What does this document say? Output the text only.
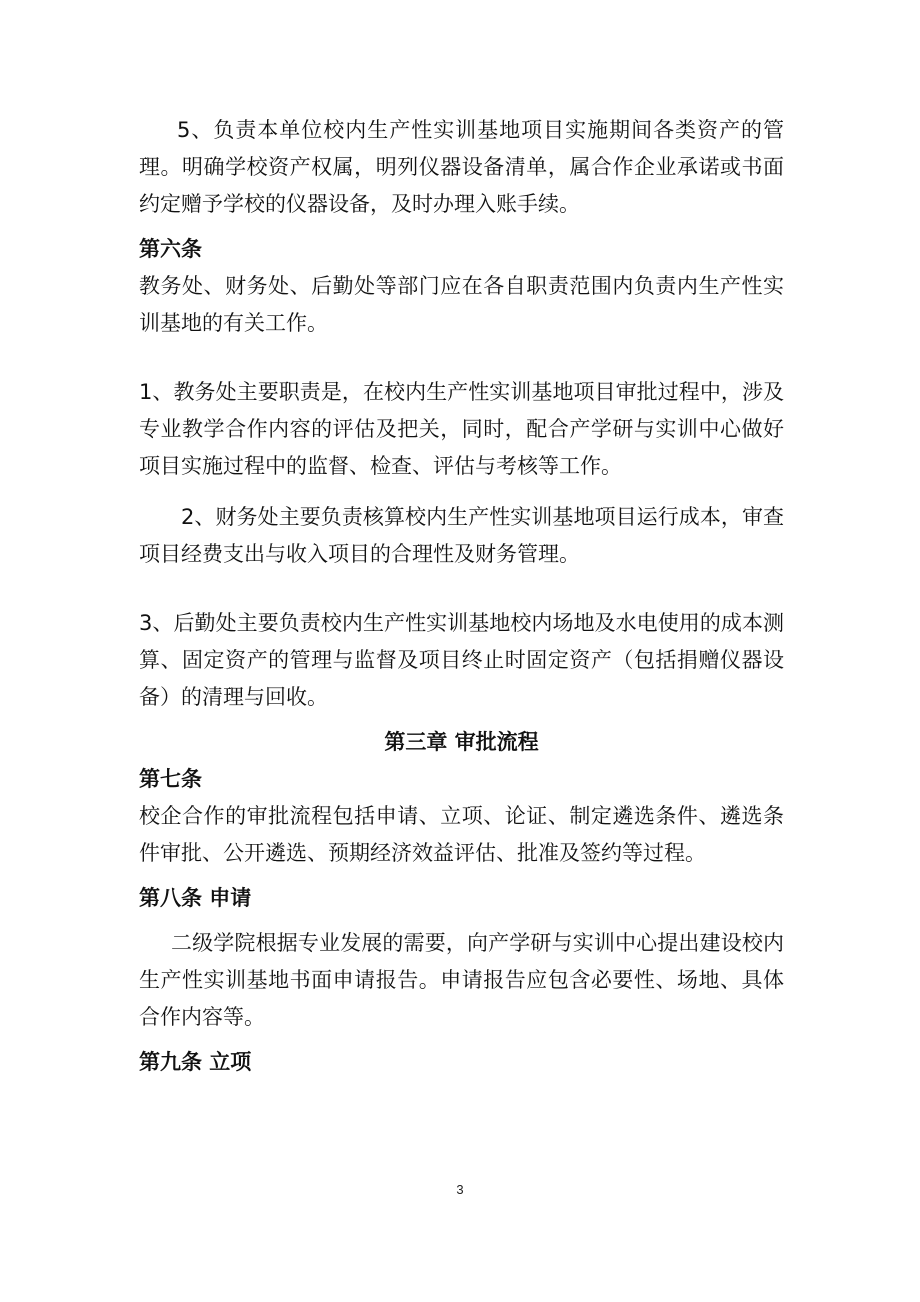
5、负责本单位校内生产性实训基地项目实施期间各类资产的管理。明确学校资产权属，明列仪器设备清单，属合作企业承诺或书面约定赠予学校的仪器设备，及时办理入账手续。

第六条

教务处、财务处、后勤处等部门应在各自职责范围内负责内生产性实训基地的有关工作。

1、教务处主要职责是，在校内生产性实训基地项目审批过程中，涉及专业教学合作内容的评估及把关，同时，配合产学研与实训中心做好项目实施过程中的监督、检查、评估与考核等工作。

2、财务处主要负责核算校内生产性实训基地项目运行成本，审查项目经费支出与收入项目的合理性及财务管理。

3、后勤处主要负责校内生产性实训基地校内场地及水电使用的成本测算、固定资产的管理与监督及项目终止时固定资产（包括捐赠仪器设备）的清理与回收。

第三章 审批流程

第七条

校企合作的审批流程包括申请、立项、论证、制定遴选条件、遴选条件审批、公开遴选、预期经济效益评估、批准及签约等过程。

第八条 申请

二级学院根据专业发展的需要，向产学研与实训中心提出建设校内生产性实训基地书面申请报告。申请报告应包含必要性、场地、具体合作内容等。

第九条 立项

3
